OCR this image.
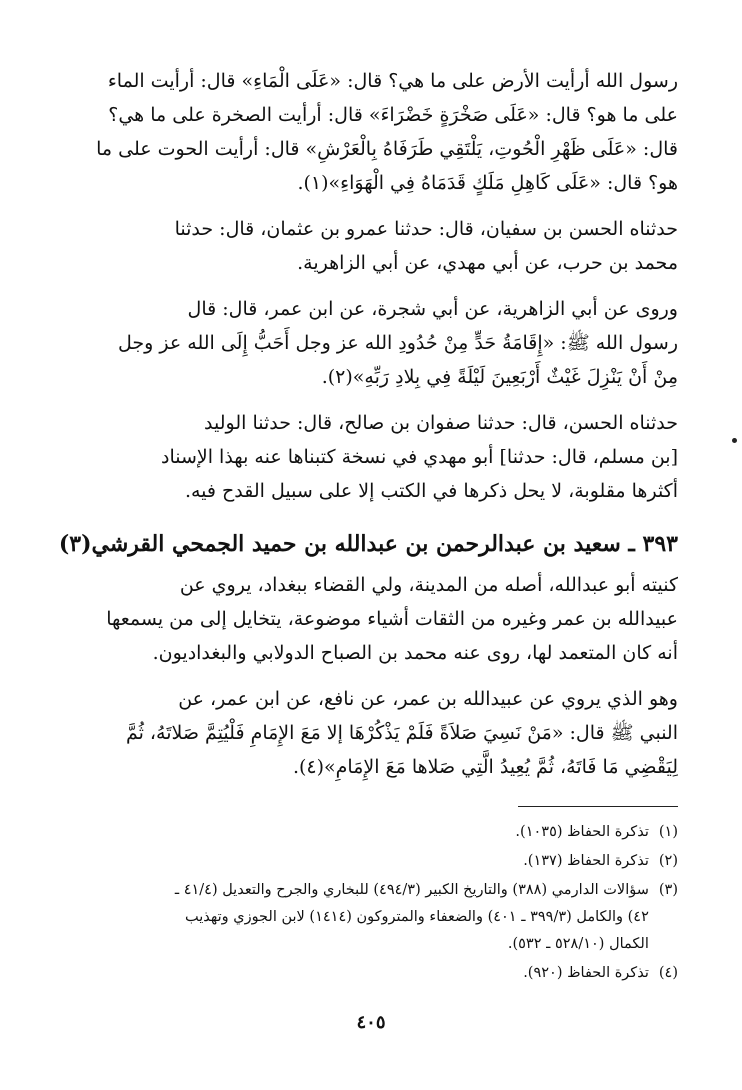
رسول الله أرأيت الأرض على ما هي؟ قال: «عَلَى الْمَاءِ» قال: أرأيت الماء
على ما هو؟ قال: «عَلَى صَخْرَةٍ خَضْرَاءَ» قال: أرأيت الصخرة على ما هي؟
قال: «عَلَى ظَهْرِ الْحُوتِ، يَلْتَقِي طَرَفَاهُ بِالْعَرْشِ» قال: أرأيت الحوت على ما
هو؟ قال: «عَلَى كَاهِلِ مَلَكٍ قَدَمَاهُ فِي الْهَوَاءِ»(١).

حدثناه الحسن بن سفيان، قال: حدثنا عمرو بن عثمان، قال: حدثنا
محمد بن حرب، عن أبي مهدي، عن أبي الزاهرية.

وروى عن أبي الزاهرية، عن أبي شجرة، عن ابن عمر، قال: قال
رسول الله ﷺ: «إِقَامَةُ حَدٍّ مِنْ حُدُودِ الله عز وجل أَحَبُّ إِلَى الله عز وجل
مِنْ أَنْ يَنْزِلَ غَيْثٌ أَرْبَعِينَ لَيْلَةً فِي بِلادِ رَبِّهِ»(٢).

حدثناه الحسن، قال: حدثنا صفوان بن صالح، قال: حدثنا الوليد
[بن مسلم، قال: حدثنا] أبو مهدي في نسخة كتبناها عنه بهذا الإسناد
أكثرها مقلوبة، لا يحل ذكرها في الكتب إلا على سبيل القدح فيه.

٣٩٣ ـ سعيد بن عبدالرحمن بن عبدالله بن حميد الجمحي القرشي(٣)

كنيته أبو عبدالله، أصله من المدينة، ولي القضاء ببغداد، يروي عن
عبيدالله بن عمر وغيره من الثقات أشياء موضوعة، يتخايل إلى من يسمعها
أنه كان المتعمد لها، روى عنه محمد بن الصباح الدولابي والبغداديون.

وهو الذي يروي عن عبيدالله بن عمر، عن نافع، عن ابن عمر، عن
النبي ﷺ قال: «مَنْ نَسِيَ صَلاَةً فَلَمْ يَذْكُرْهَا إلا مَعَ الإِمَامِ فَلْيُتِمَّ صَلاتَهُ، ثُمَّ
لِيَقْضِي مَا فَاتَهُ، ثُمَّ يُعِيدُ الَّتِي صَلاها مَعَ الإِمَامِ»(٤).

(١)
تذكرة الحفاظ (١٠٣٥).
(٢)
تذكرة الحفاظ (١٣٧).
(٣)
سؤالات الدارمي (٣٨٨) والتاريخ الكبير (٤٩٤/٣) للبخاري والجرح والتعديل (٤١/٤ ـ
٤٢) والكامل (٣٩٩/٣ ـ ٤٠١) والضعفاء والمتروكون (١٤١٤) لابن الجوزي وتهذيب
الكمال (٥٢٨/١٠ ـ ٥٣٢).
(٤)
تذكرة الحفاظ (٩٢٠).
٤٠٥
